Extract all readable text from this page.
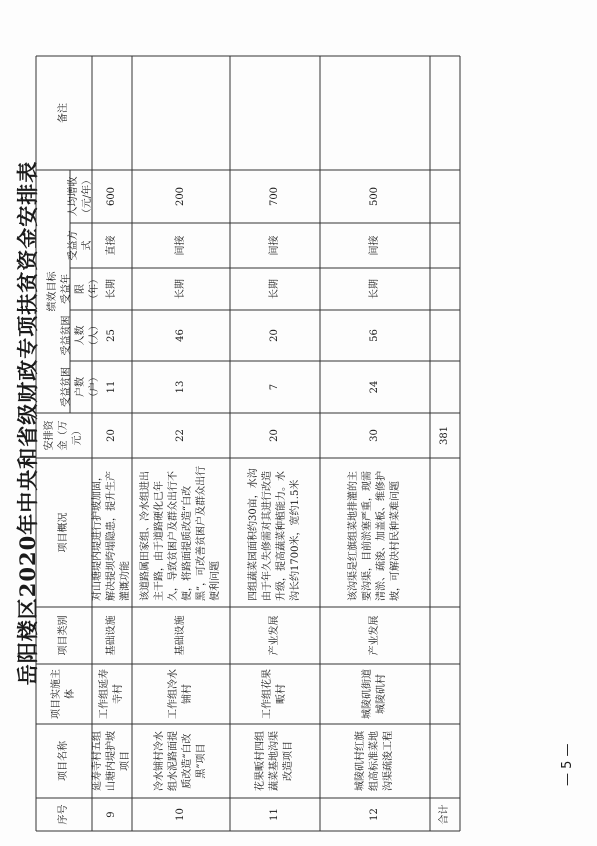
岳阳楼区2020年中央和省级财政专项扶贫资金安排表
序号
项目名称
项目实施主体
项目类别
项目概况
安排资金（万元）
绩效目标
受益贫困户数（户）
受益贫困人数（人）
受益年限（年）
受益方式
人均增收（元/年）
备注
9
延寿寺村五组山塘内堤护坡项目
工作组延寿寺村
基础设施
对山塘堤内堤进行护坡加固，解决提坝垮塌隐患，提升生产灌溉功能
20
11
25
长期
直接
600
10
冷水铺村冷水组水泥路面提质改造“白改黑”项目
工作组冷水铺村
基础设施
该道路属田家组、冷水组进出主干路，由于道路硬化已年久，导致贫困户及群众出行不便，将路面提质改造“白改黑”，可改善贫困户及群众出行便利问题
22
13
46
长期
间接
200
11
花果畈村四组蔬菜基地沟渠改造项目
工作组花果畈村
产业发展
四组蔬菜园面积约30亩，水沟由于年久失修需对其进行改造升级，提高蔬菜种植能力。水沟长约1700米，宽约1.5米
20
7
20
长期
间接
700
12
城陵矶村红旗组高标准菜地沟渠疏浚工程
城陵矶街道城陵矶村
产业发展
该沟渠是红旗组菜地排灌的主要沟渠，目前淤塞严重，现需清淤、疏浚、加盖板、维修护坡，可解决村民种菜难问题
30
24
56
长期
间接
500
合计
381
— 5 —
